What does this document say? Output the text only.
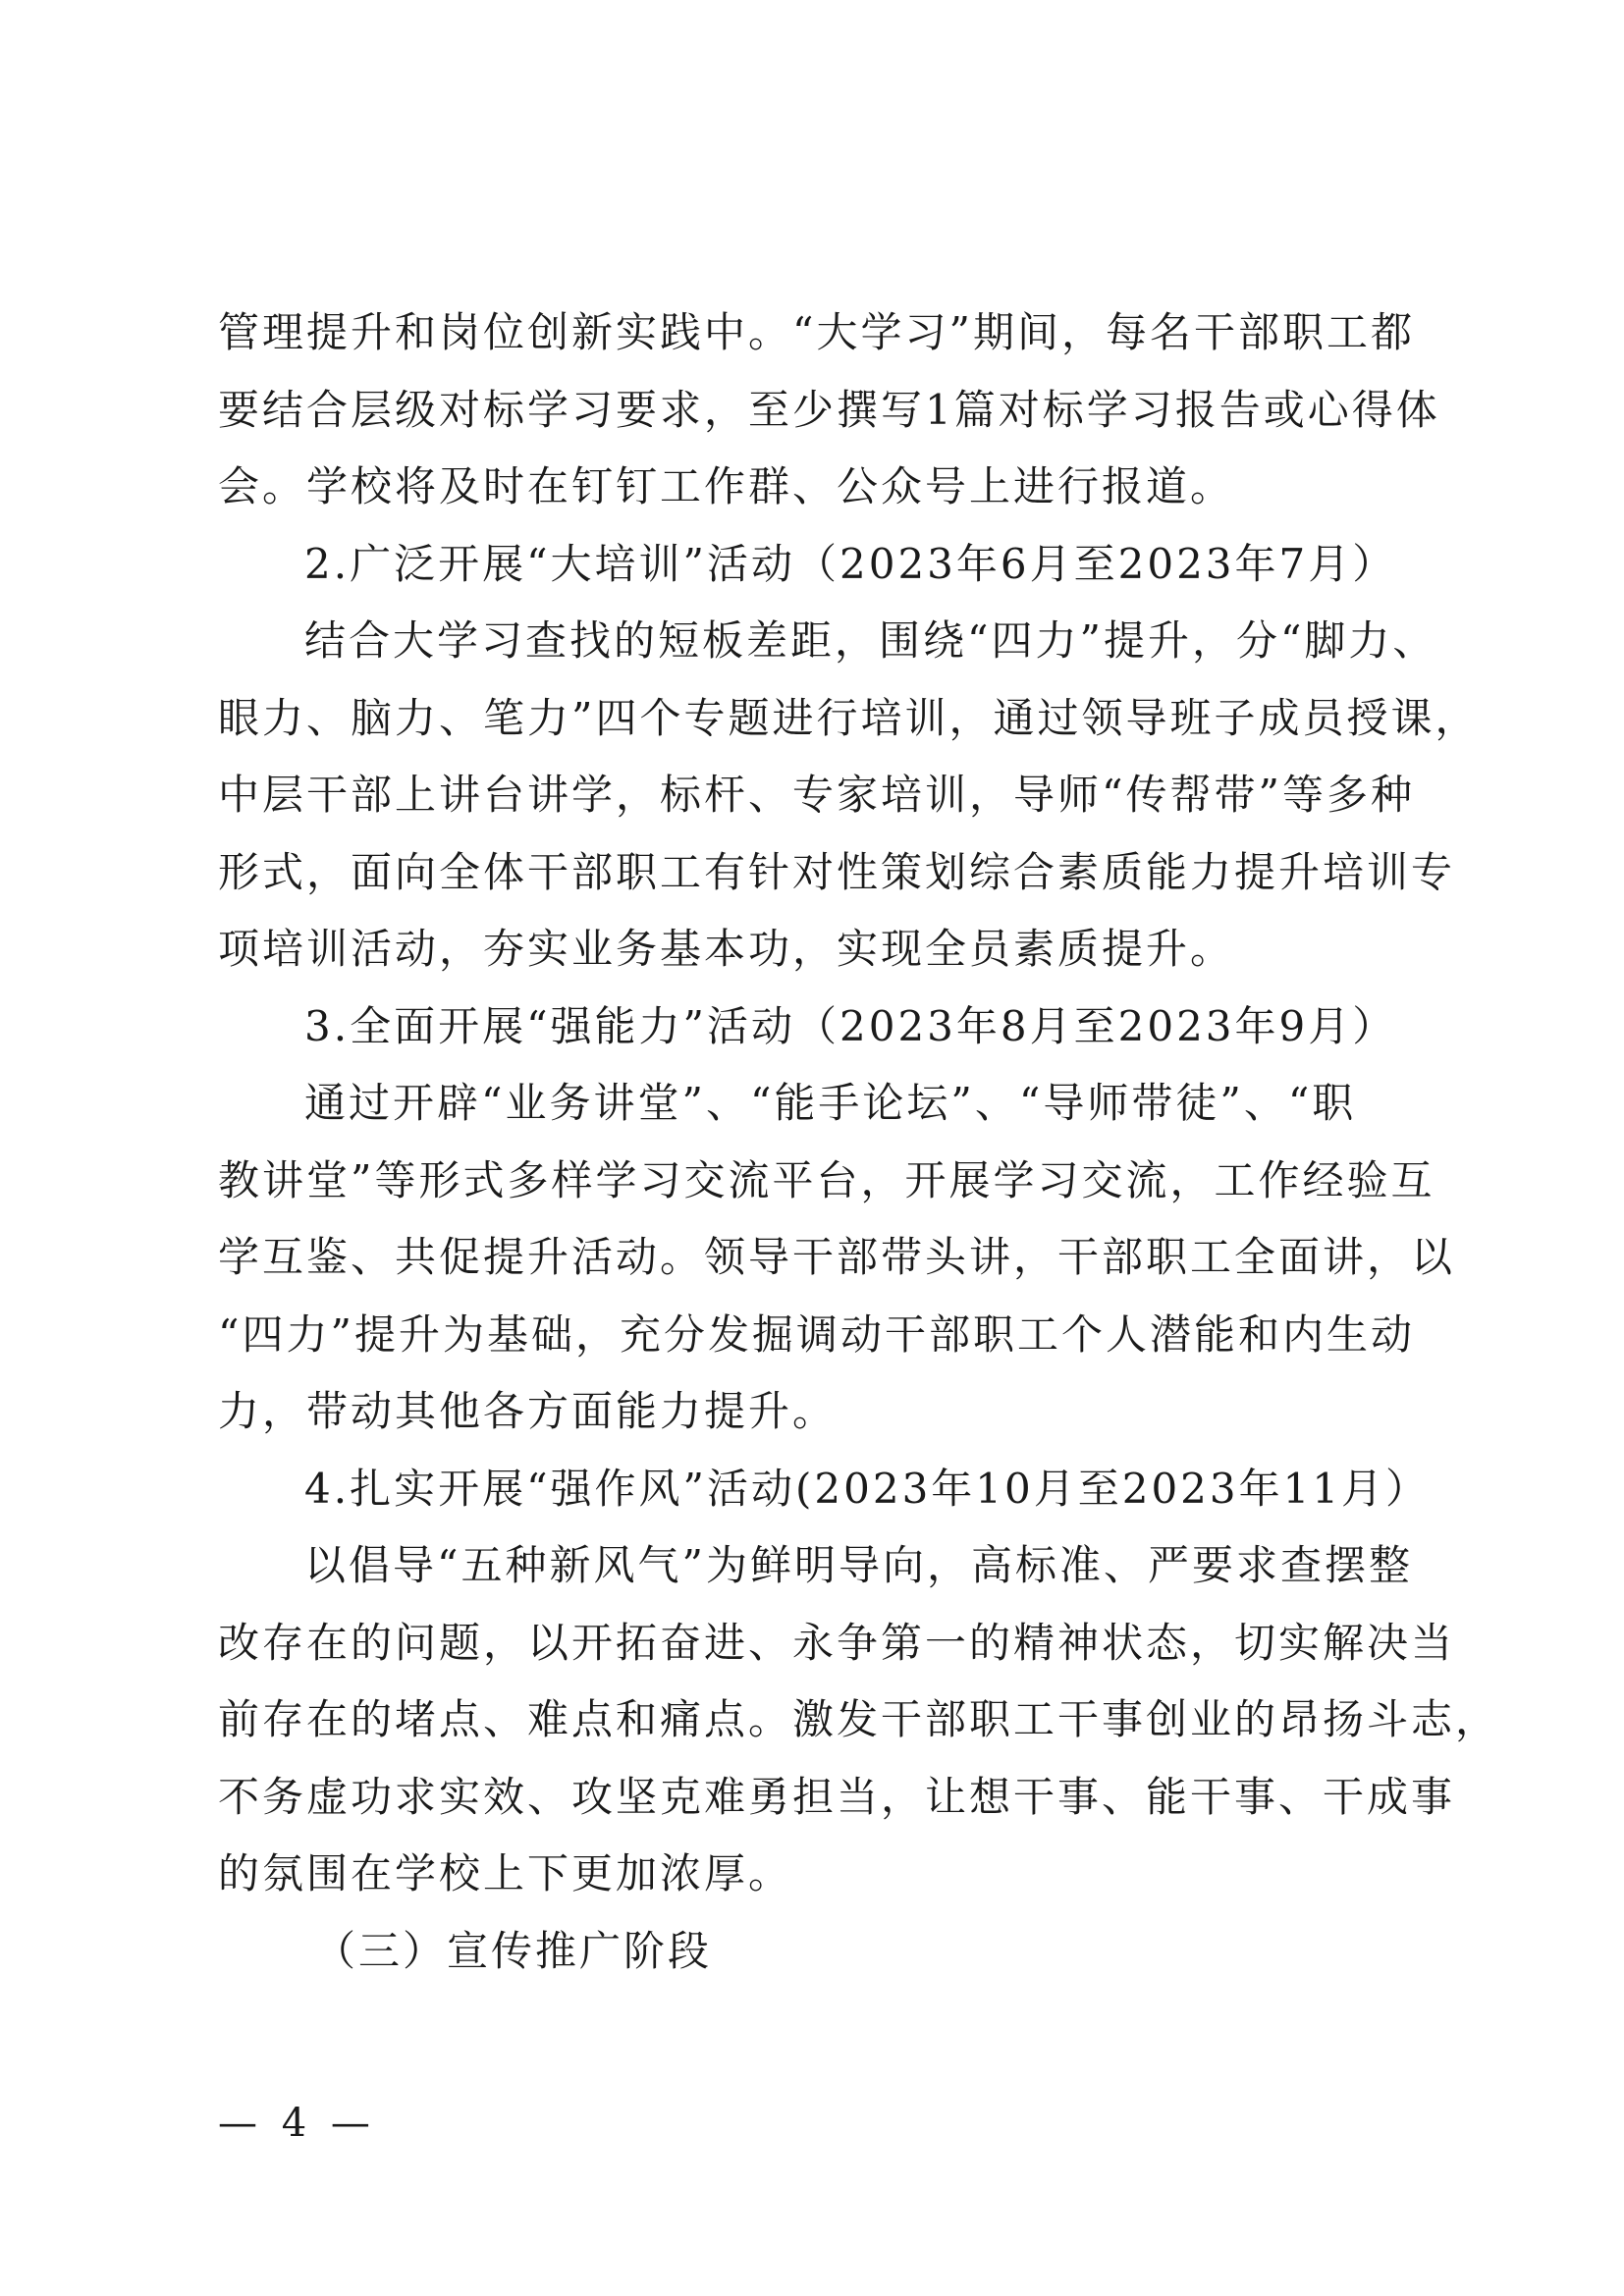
管理提升和岗位创新实践中。“大学习”期间，每名干部职工都
要结合层级对标学习要求，至少撰写1篇对标学习报告或心得体
会。学校将及时在钉钉工作群、公众号上进行报道。
2.广泛开展“大培训”活动（2023年6月至2023年7月）
结合大学习查找的短板差距，围绕“四力”提升，分“脚力、
眼力、脑力、笔力”四个专题进行培训，通过领导班子成员授课，
中层干部上讲台讲学，标杆、专家培训，导师“传帮带”等多种
形式，面向全体干部职工有针对性策划综合素质能力提升培训专
项培训活动，夯实业务基本功，实现全员素质提升。
3.全面开展“强能力”活动（2023年8月至2023年9月）
通过开辟“业务讲堂”、“能手论坛”、“导师带徒”、“职
教讲堂”等形式多样学习交流平台，开展学习交流，工作经验互
学互鉴、共促提升活动。领导干部带头讲，干部职工全面讲，以
“四力”提升为基础，充分发掘调动干部职工个人潜能和内生动
力，带动其他各方面能力提升。
4.扎实开展“强作风”活动(2023年10月至2023年11月）
以倡导“五种新风气”为鲜明导向，高标准、严要求查摆整
改存在的问题，以开拓奋进、永争第一的精神状态，切实解决当
前存在的堵点、难点和痛点。激发干部职工干事创业的昂扬斗志，
不务虚功求实效、攻坚克难勇担当，让想干事、能干事、干成事
的氛围在学校上下更加浓厚。
（三）宣传推广阶段
— 4 —
